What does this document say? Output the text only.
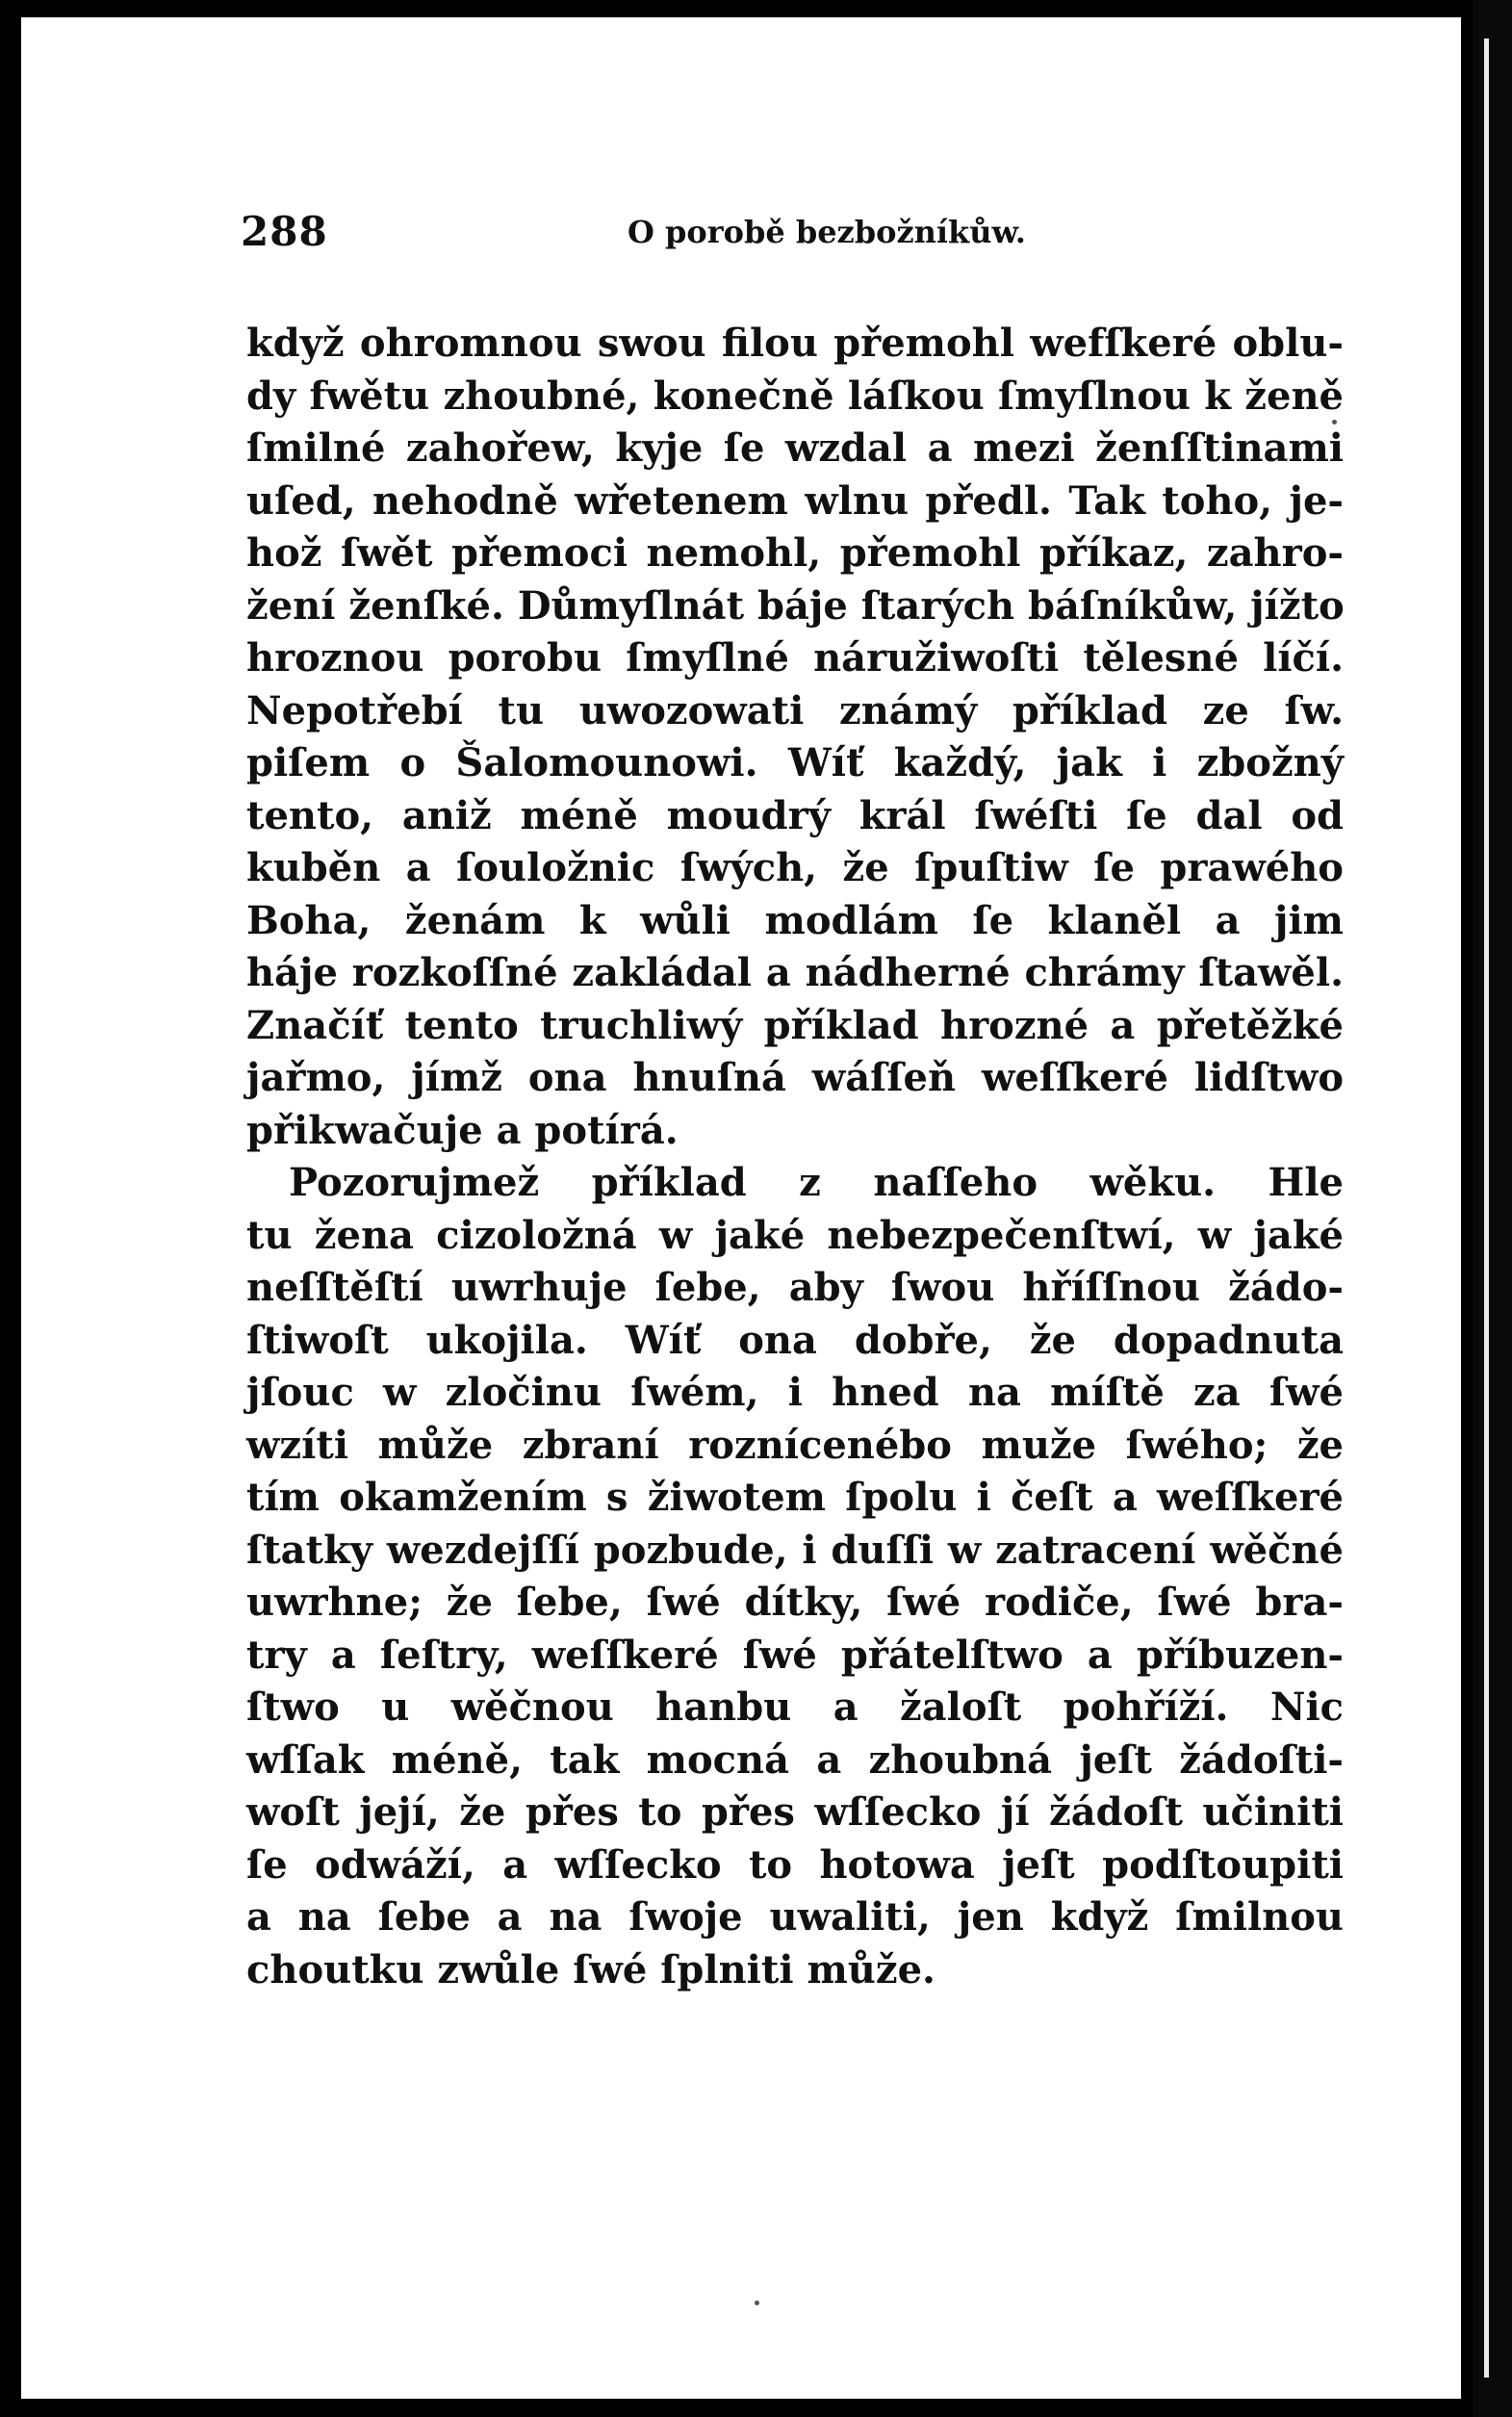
288	O porobě bezbožníkůw.
když ohromnou swou filou přemohl wefſkeré oblu-
dy fwětu zhoubné, konečně láſkou ſmyſlnou k ženě
ſmilné zahořew, kyje ſe wzdal a mezi ženſſtinami
uſed, nehodně wřetenem wlnu předl. Tak toho, je-
hož ſwět přemoci nemohl, přemohl příkaz, zahro-
žení ženſké. Důmyſlnát báje ſtarých báſníkůw, jížto
hroznou porobu ſmyſlné náružiwoſti tělesné líčí.
Nepotřebí tu uwozowati známý příklad ze ſw.
piſem o Šalomounowi. Wíť každý, jak i zbožný
tento, aniž méně moudrý král ſwéſti ſe dal od
kuběn a ſouložnic ſwých, že ſpuſtiw ſe prawého
Boha, ženám k wůli modlám ſe klaněl a jim
háje rozkoſſné zakládal a nádherné chrámy ſtawěl.
Značíť tento truchliwý příklad hrozné a přetěžké
jařmo, jímž ona hnuſná wáſſeň weſſkeré lidſtwo
přikwačuje a potírá.
Pozorujmež příklad z naſſeho wěku. Hle
tu žena cizoložná w jaké nebezpečenſtwí, w jaké
neſſtěſtí uwrhuje ſebe, aby ſwou hříſſnou žádo-
ſtiwoſt ukojila. Wíť ona dobře, že dopadnuta
jſouc w zločinu ſwém, i hned na míſtě za ſwé
wzíti může zbraní roznícenébo muže ſwého; že
tím okamžením s žiwotem ſpolu i čeſt a weſſkeré
ſtatky wezdejſſí pozbude, i duſſi w zatracení wěčné
uwrhne; že ſebe, ſwé dítky, ſwé rodiče, ſwé bra-
try a ſeſtry, weſſkeré ſwé přátelſtwo a příbuzen-
ſtwo u wěčnou hanbu a žaloſt pohříží. Nic
wſſak méně, tak mocná a zhoubná jeſt žádoſti-
woſt její, že přes to přes wſſecko jí žádoſt učiniti
ſe odwáží, a wſſecko to hotowa jeſt podſtoupiti
a na ſebe a na ſwoje uwaliti, jen když ſmilnou
choutku zwůle ſwé ſplniti může.
